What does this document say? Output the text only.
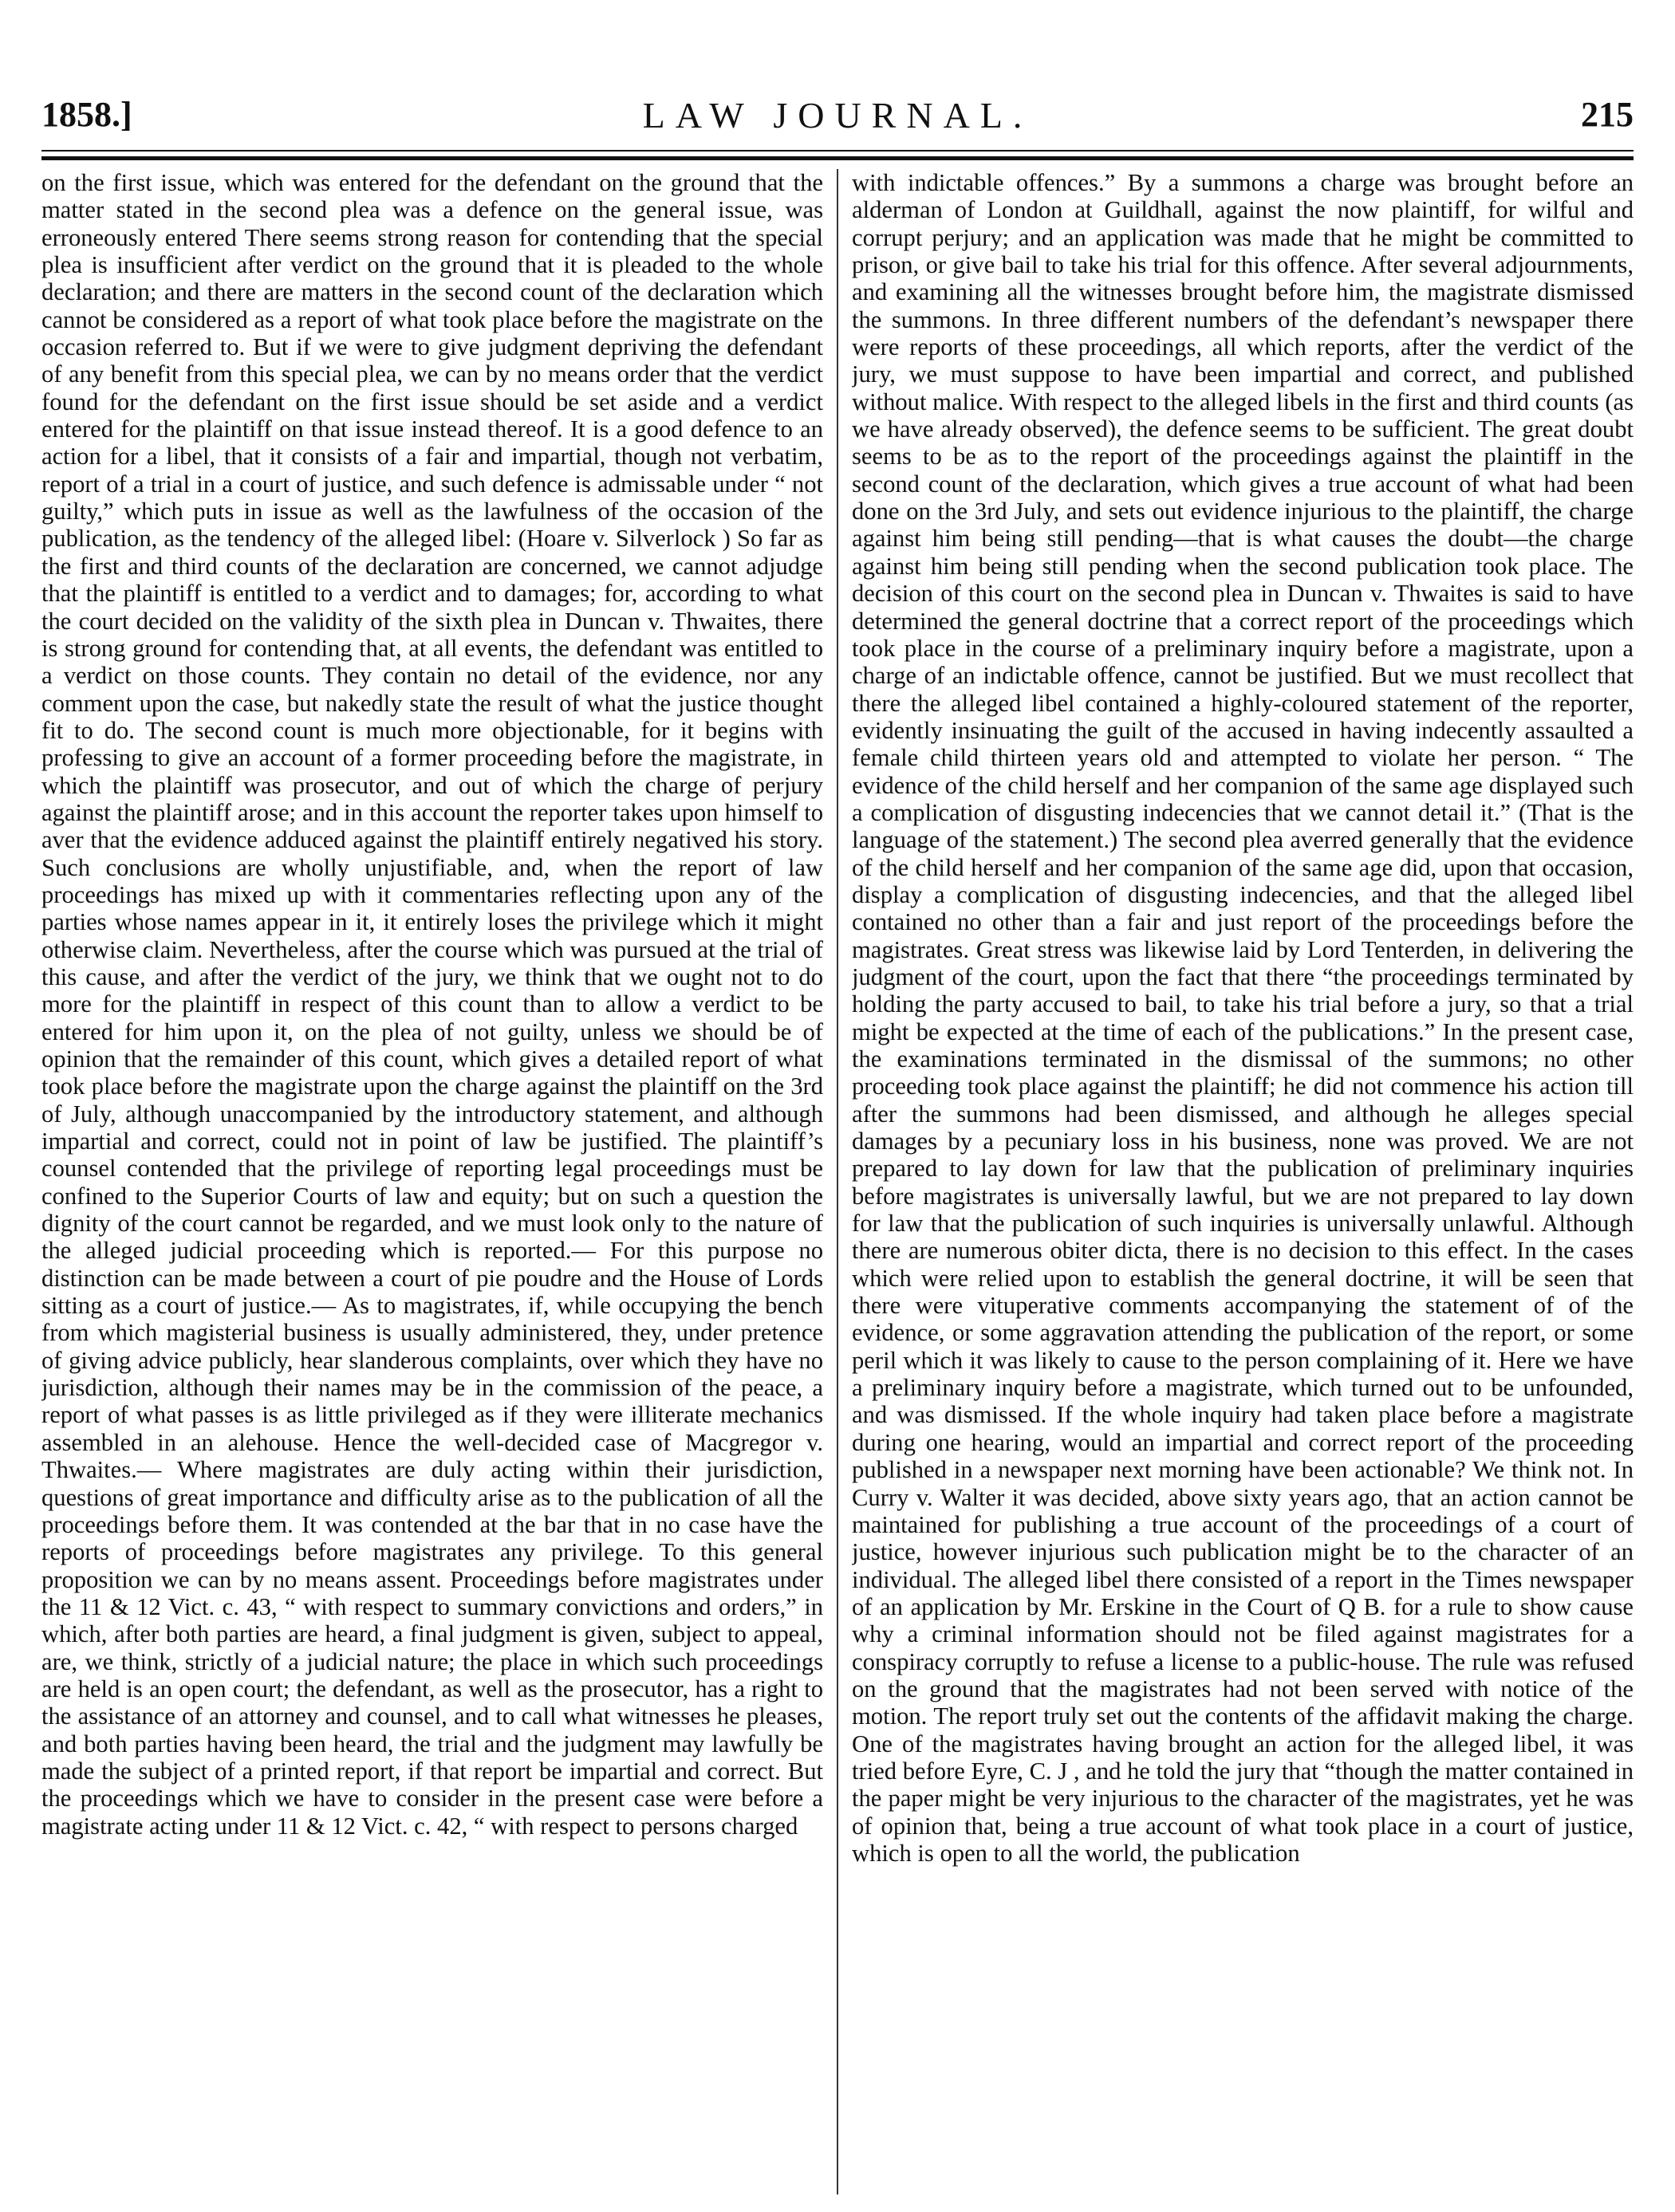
1858.]	LAW JOURNAL.	215

on the first issue, which was entered for the defendant on the ground that the matter stated in the second plea was a defence on the general issue, was erroneously entered There seems strong reason for contending that the special plea is insufficient after verdict on the ground that it is pleaded to the whole declaration; and there are matters in the second count of the declaration which cannot be considered as a report of what took place before the magistrate on the occasion referred to. But if we were to give judgment depriving the defendant of any benefit from this special plea, we can by no means order that the verdict found for the defendant on the first issue should be set aside and a verdict entered for the plaintiff on that issue instead thereof. It is a good defence to an action for a libel, that it consists of a fair and impartial, though not verbatim, report of a trial in a court of justice, and such defence is admissable under “ not guilty,” which puts in issue as well as the lawfulness of the occasion of the publication, as the tendency of the alleged libel: (Hoare v. Silverlock ) So far as the first and third counts of the declaration are concerned, we cannot adjudge that the plaintiff is entitled to a verdict and to damages; for, according to what the court decided on the validity of the sixth plea in Duncan v. Thwaites, there is strong ground for contending that, at all events, the defendant was entitled to a verdict on those counts. They contain no detail of the evidence, nor any comment upon the case, but nakedly state the result of what the justice thought fit to do. The second count is much more objectionable, for it begins with professing to give an account of a former proceeding before the magistrate, in which the plaintiff was prosecutor, and out of which the charge of perjury against the plaintiff arose; and in this account the reporter takes upon himself to aver that the evidence adduced against the plaintiff entirely negatived his story. Such conclusions are wholly unjustifiable, and, when the report of law proceedings has mixed up with it commentaries reflecting upon any of the parties whose names appear in it, it entirely loses the privilege which it might otherwise claim. Nevertheless, after the course which was pursued at the trial of this cause, and after the verdict of the jury, we think that we ought not to do more for the plaintiff in respect of this count than to allow a verdict to be entered for him upon it, on the plea of not guilty, unless we should be of opinion that the remainder of this count, which gives a detailed report of what took place before the magistrate upon the charge against the plaintiff on the 3rd of July, although unaccompanied by the introductory statement, and although impartial and correct, could not in point of law be justified. The plaintiff’s counsel contended that the privilege of reporting legal proceedings must be confined to the Superior Courts of law and equity; but on such a question the dignity of the court cannot be regarded, and we must look only to the nature of the alleged judicial proceeding which is reported.— For this purpose no distinction can be made between a court of pie poudre and the House of Lords sitting as a court of justice.— As to magistrates, if, while occupying the bench from which magisterial business is usually administered, they, under pretence of giving advice publicly, hear slanderous complaints, over which they have no jurisdiction, although their names may be in the commission of the peace, a report of what passes is as little privileged as if they were illiterate mechanics assembled in an alehouse. Hence the well-decided case of Macgregor v. Thwaites.— Where magistrates are duly acting within their jurisdiction, questions of great importance and difficulty arise as to the publication of all the proceedings before them. It was contended at the bar that in no case have the reports of proceedings before magistrates any privilege. To this general proposition we can by no means assent. Proceedings before magistrates under the 11 & 12 Vict. c. 43, “ with respect to summary convictions and orders,” in which, after both parties are heard, a final judgment is given, subject to appeal, are, we think, strictly of a judicial nature; the place in which such proceedings are held is an open court; the defendant, as well as the prosecutor, has a right to the assistance of an attorney and counsel, and to call what witnesses he pleases, and both parties having been heard, the trial and the judgment may lawfully be made the subject of a printed report, if that report be impartial and correct. But the proceedings which we have to consider in the present case were before a magistrate acting under 11 & 12 Vict. c. 42, “ with respect to persons charged

with indictable offences.” By a summons a charge was brought before an alderman of London at Guildhall, against the now plaintiff, for wilful and corrupt perjury; and an application was made that he might be committed to prison, or give bail to take his trial for this offence. After several adjournments, and examining all the witnesses brought before him, the magistrate dismissed the summons. In three different numbers of the defendant’s newspaper there were reports of these proceedings, all which reports, after the verdict of the jury, we must suppose to have been impartial and correct, and published without malice. With respect to the alleged libels in the first and third counts (as we have already observed), the defence seems to be sufficient. The great doubt seems to be as to the report of the proceedings against the plaintiff in the second count of the declaration, which gives a true account of what had been done on the 3rd July, and sets out evidence injurious to the plaintiff, the charge against him being still pending—that is what causes the doubt—the charge against him being still pending when the second publication took place. The decision of this court on the second plea in Duncan v. Thwaites is said to have determined the general doctrine that a correct report of the proceedings which took place in the course of a preliminary inquiry before a magistrate, upon a charge of an indictable offence, cannot be justified. But we must recollect that there the alleged libel contained a highly-coloured statement of the reporter, evidently insinuating the guilt of the accused in having indecently assaulted a female child thirteen years old and attempted to violate her person. “ The evidence of the child herself and her companion of the same age displayed such a complication of disgusting indecencies that we cannot detail it.” (That is the language of the statement.) The second plea averred generally that the evidence of the child herself and her companion of the same age did, upon that occasion, display a complication of disgusting indecencies, and that the alleged libel contained no other than a fair and just report of the proceedings before the magistrates. Great stress was likewise laid by Lord Tenterden, in delivering the judgment of the court, upon the fact that there “the proceedings terminated by holding the party accused to bail, to take his trial before a jury, so that a trial might be expected at the time of each of the publications.” In the present case, the examinations terminated in the dismissal of the summons; no other proceeding took place against the plaintiff; he did not commence his action till after the summons had been dismissed, and although he alleges special damages by a pecuniary loss in his business, none was proved. We are not prepared to lay down for law that the publication of preliminary inquiries before magistrates is universally lawful, but we are not prepared to lay down for law that the publication of such inquiries is universally unlawful. Although there are numerous obiter dicta, there is no decision to this effect. In the cases which were relied upon to establish the general doctrine, it will be seen that there were vituperative comments accompanying the statement of of the evidence, or some aggravation attending the publication of the report, or some peril which it was likely to cause to the person complaining of it. Here we have a preliminary inquiry before a magistrate, which turned out to be unfounded, and was dismissed. If the whole inquiry had taken place before a magistrate during one hearing, would an impartial and correct report of the proceeding published in a newspaper next morning have been actionable? We think not. In Curry v. Walter it was decided, above sixty years ago, that an action cannot be maintained for publishing a true account of the proceedings of a court of justice, however injurious such publication might be to the character of an individual. The alleged libel there consisted of a report in the Times newspaper of an application by Mr. Erskine in the Court of Q B. for a rule to show cause why a criminal information should not be filed against magistrates for a conspiracy corruptly to refuse a license to a public-house. The rule was refused on the ground that the magistrates had not been served with notice of the motion. The report truly set out the contents of the affidavit making the charge. One of the magistrates having brought an action for the alleged libel, it was tried before Eyre, C. J , and he told the jury that “though the matter contained in the paper might be very injurious to the character of the magistrates, yet he was of opinion that, being a true account of what took place in a court of justice, which is open to all the world, the publication
